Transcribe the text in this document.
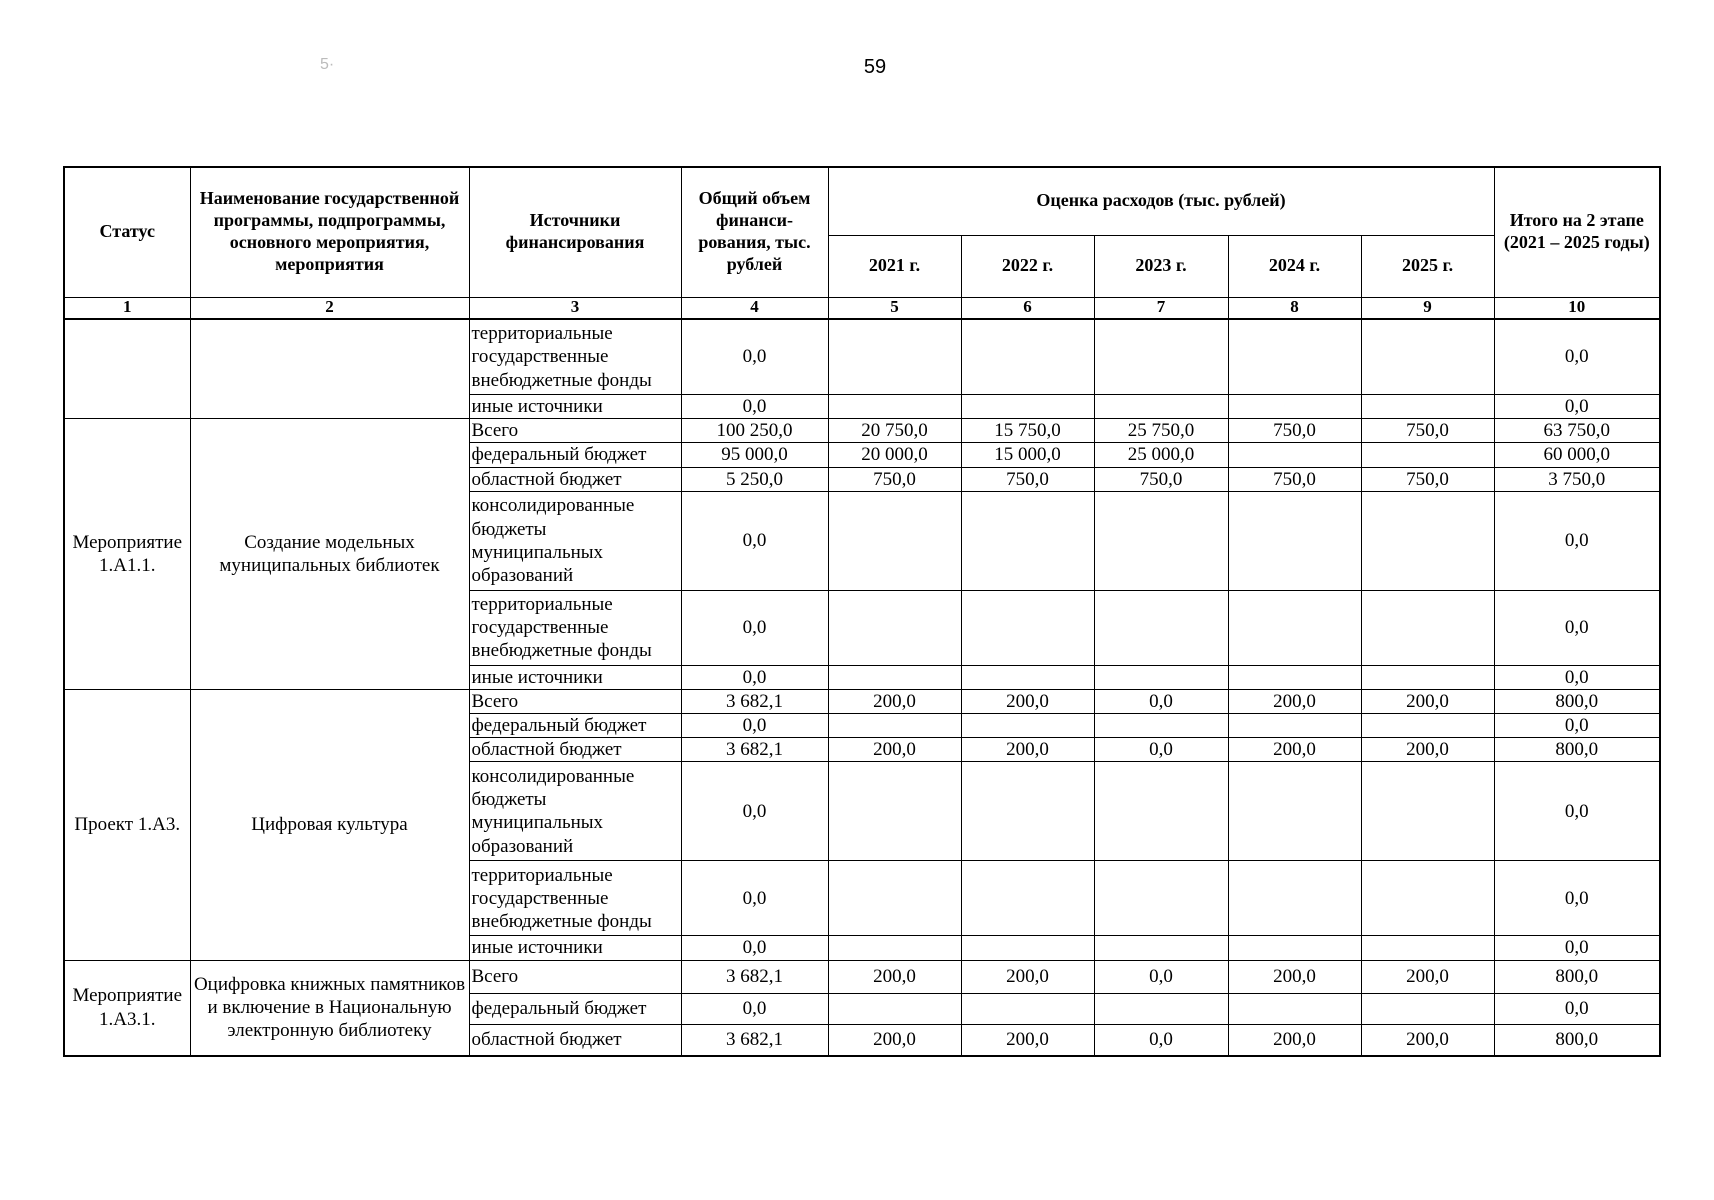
5·	59
Статус	Наименование государственной программы, подпрограммы, основного мероприятия, мероприятия	Источники финансирования	Общий объем финанси-рования, тыс. рублей	Оценка расходов (тыс. рублей)					Итого на 2 этапе (2021 – 2025 годы)
				2021 г.	2022 г.	2023 г.	2024 г.	2025 г.	
1	2	3	4	5	6	7	8	9	10
		территориальные государственные внебюджетные фонды	0,0						0,0
		иные источники	0,0						0,0
Мероприятие 1.А1.1.	Создание модельных муниципальных библиотек	Всего	100 250,0	20 750,0	15 750,0	25 750,0	750,0	750,0	63 750,0
		федеральный бюджет	95 000,0	20 000,0	15 000,0	25 000,0			60 000,0
		областной бюджет	5 250,0	750,0	750,0	750,0	750,0	750,0	3 750,0
		консолидированные бюджеты муниципальных образований	0,0						0,0
		территориальные государственные внебюджетные фонды	0,0						0,0
		иные источники	0,0						0,0
Проект 1.А3.	Цифровая культура	Всего	3 682,1	200,0	200,0	0,0	200,0	200,0	800,0
		федеральный бюджет	0,0						0,0
		областной бюджет	3 682,1	200,0	200,0	0,0	200,0	200,0	800,0
		консолидированные бюджеты муниципальных образований	0,0						0,0
		территориальные государственные внебюджетные фонды	0,0						0,0
		иные источники	0,0						0,0
Мероприятие 1.А3.1.	Оцифровка книжных памятников и включение в Национальную электронную библиотеку	Всего	3 682,1	200,0	200,0	0,0	200,0	200,0	800,0
		федеральный бюджет	0,0						0,0
		областной бюджет	3 682,1	200,0	200,0	0,0	200,0	200,0	800,0
